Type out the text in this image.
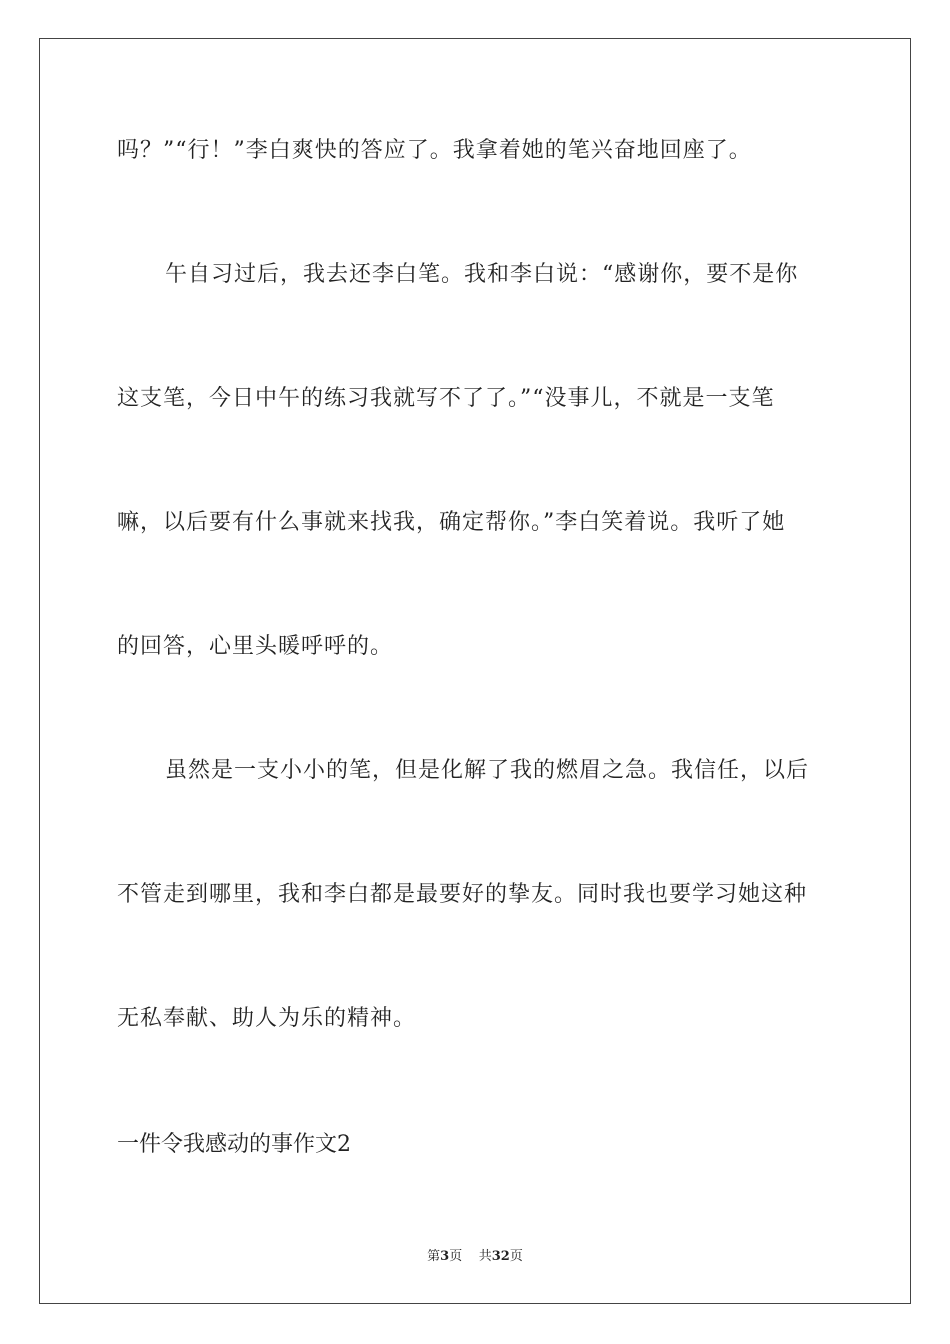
吗？”“行！”李白爽快的答应了。我拿着她的笔兴奋地回座了。
午自习过后，我去还李白笔。我和李白说：“感谢你，要不是你
这支笔，今日中午的练习我就写不了了。”“没事儿，不就是一支笔
嘛，以后要有什么事就来找我，确定帮你。”李白笑着说。我听了她
的回答，心里头暖呼呼的。
虽然是一支小小的笔，但是化解了我的燃眉之急。我信任，以后
不管走到哪里，我和李白都是最要好的挚友。同时我也要学习她这种
无私奉献、助人为乐的精神。
一件令我感动的事作文2
第3页 共32页
